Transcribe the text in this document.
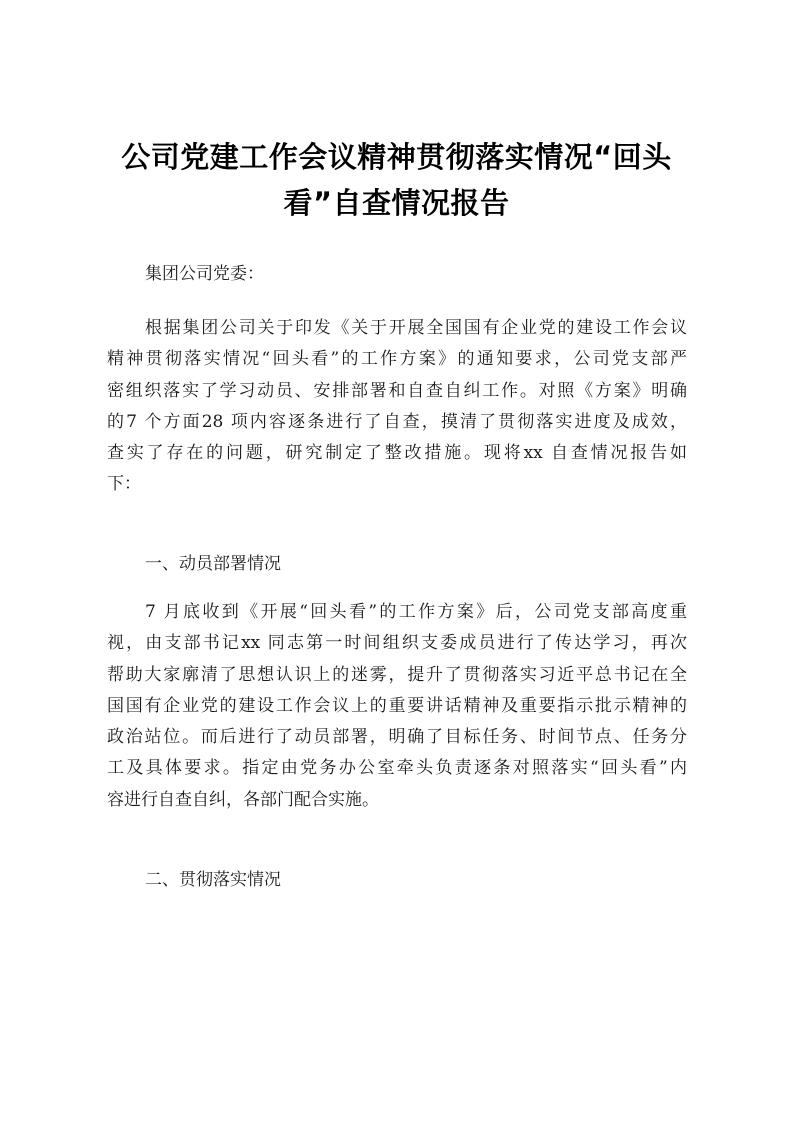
公司党建工作会议精神贯彻落实情况“回头
看”自查情况报告

集团公司党委：

根据集团公司关于印发《关于开展全国国有企业党的建设工作会议
精神贯彻落实情况“回头看”的工作方案》的通知要求，公司党支部严
密组织落实了学习动员、安排部署和自查自纠工作。对照《方案》明确
的7 个方面28 项内容逐条进行了自查，摸清了贯彻落实进度及成效，
查实了存在的问题，研究制定了整改措施。现将xx 自查情况报告如
下：

一、动员部署情况

7 月底收到《开展“回头看”的工作方案》后，公司党支部高度重
视，由支部书记xx 同志第一时间组织支委成员进行了传达学习，再次
帮助大家廓清了思想认识上的迷雾，提升了贯彻落实习近平总书记在全
国国有企业党的建设工作会议上的重要讲话精神及重要指示批示精神的
政治站位。而后进行了动员部署，明确了目标任务、时间节点、任务分
工及具体要求。指定由党务办公室牵头负责逐条对照落实“回头看”内
容进行自查自纠，各部门配合实施。

二、贯彻落实情况
